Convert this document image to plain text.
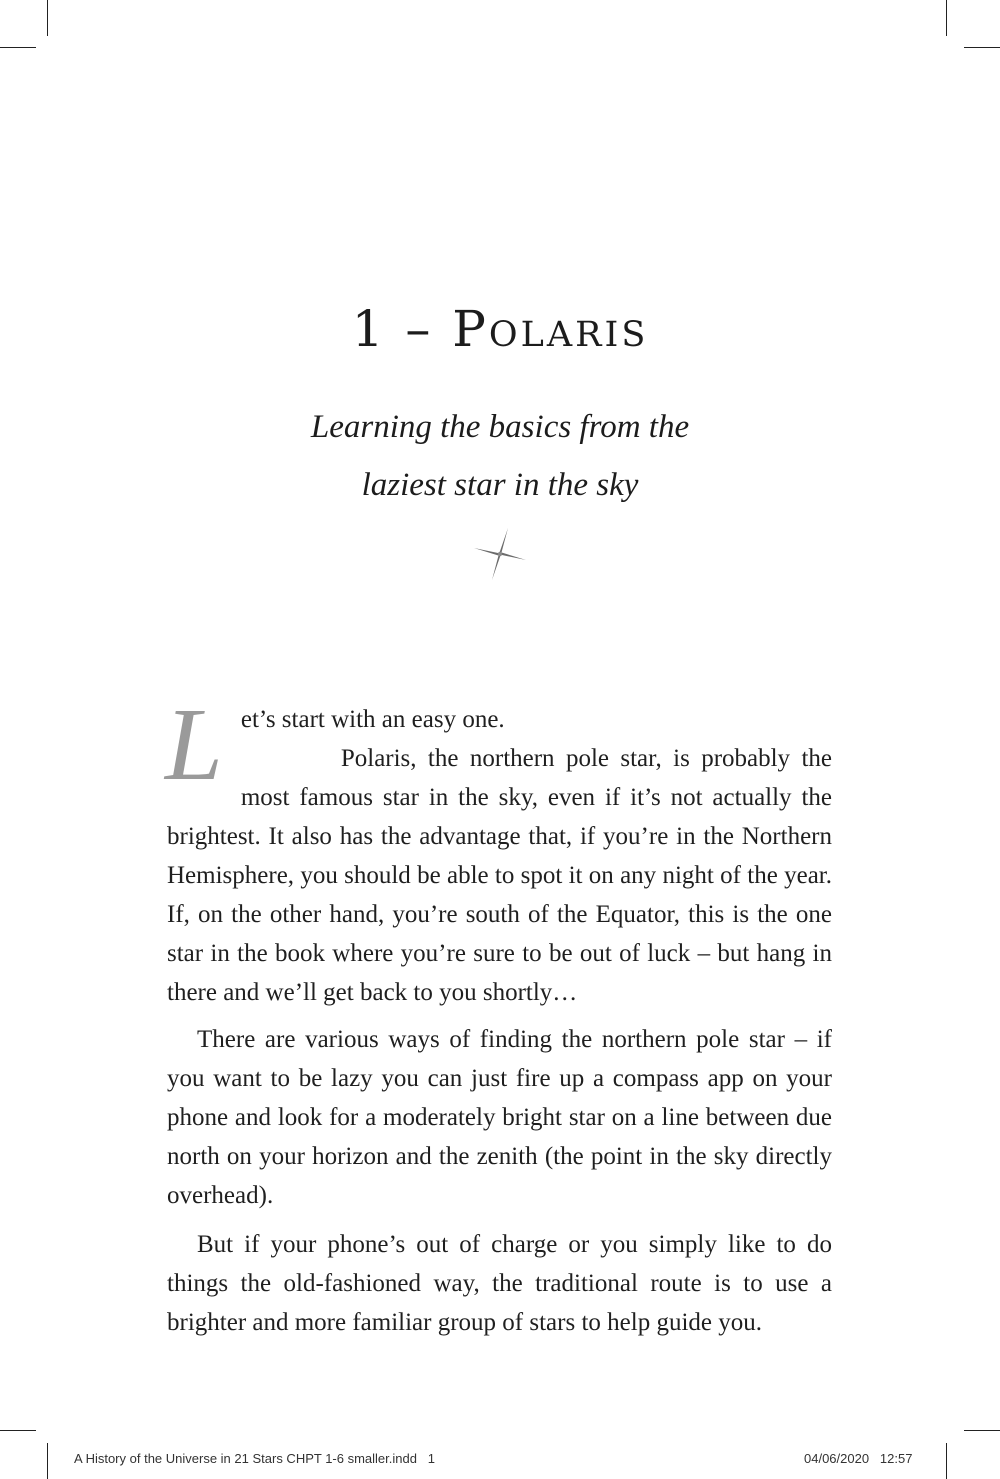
1 – Polaris
Learning the basics from the
laziest star in the sky

Let’s start with an easy one.

Polaris, the northern pole star, is probably the most famous star in the sky, even if it’s not actually the brightest. It also has the advantage that, if you’re in the Northern Hemisphere, you should be able to spot it on any night of the year. If, on the other hand, you’re south of the Equator, this is the one star in the book where you’re sure to be out of luck – but hang in there and we’ll get back to you shortly…

There are various ways of finding the northern pole star – if you want to be lazy you can just fire up a compass app on your phone and look for a moderately bright star on a line between due north on your horizon and the zenith (the point in the sky directly overhead).

But if your phone’s out of charge or you simply like to do things the old-fashioned way, the traditional route is to use a brighter and more familiar group of stars to help guide you.

A History of the Universe in 21 Stars CHPT 1-6 smaller.indd   1	04/06/2020   12:57
